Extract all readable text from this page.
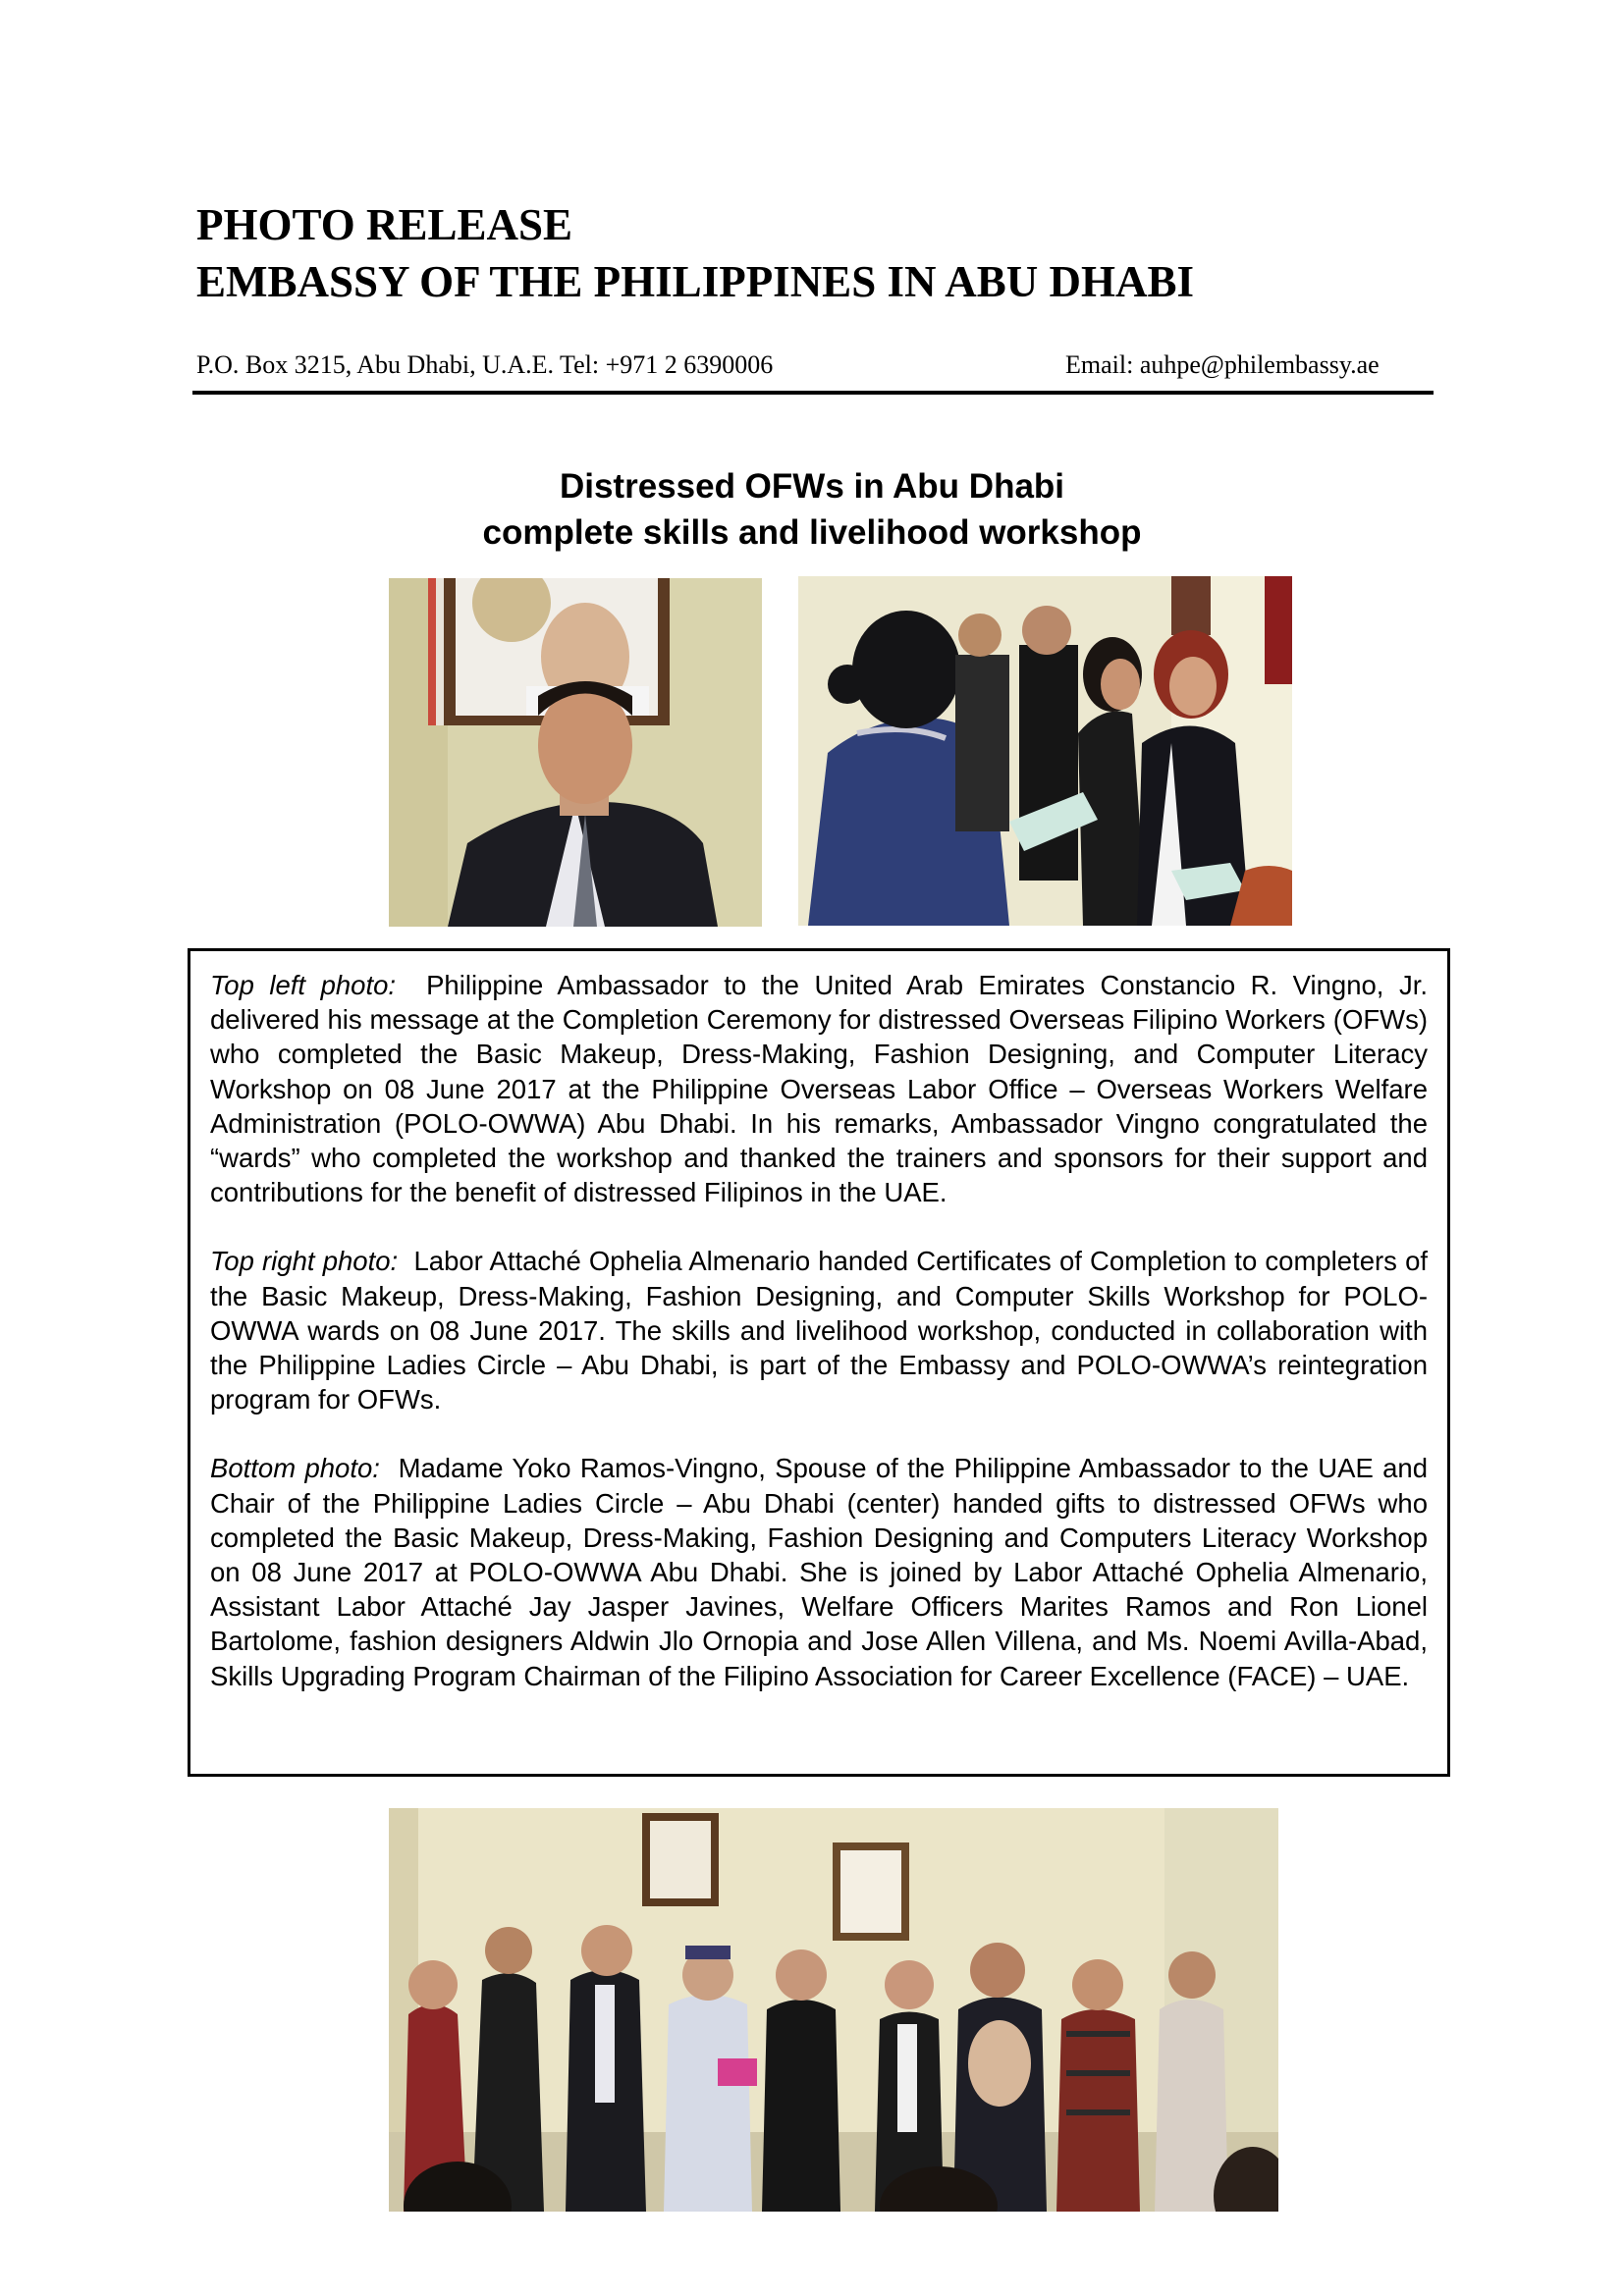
PHOTO RELEASE
EMBASSY OF THE PHILIPPINES IN ABU DHABI
P.O. Box 3215, Abu Dhabi, U.A.E. Tel: +971 2 6390006	Email: auhpe@philembassy.ae
Distressed OFWs in Abu Dhabi
complete skills and livelihood workshop

Top left photo: Philippine Ambassador to the United Arab Emirates Constancio R. Vingno, Jr. delivered his message at the Completion Ceremony for distressed Overseas Filipino Workers (OFWs) who completed the Basic Makeup, Dress-Making, Fashion Designing, and Computer Literacy Workshop on 08 June 2017 at the Philippine Overseas Labor Office – Overseas Workers Welfare Administration (POLO-OWWA) Abu Dhabi. In his remarks, Ambassador Vingno congratulated the “wards” who completed the workshop and thanked the trainers and sponsors for their support and contributions for the benefit of distressed Filipinos in the UAE.

Top right photo: Labor Attaché Ophelia Almenario handed Certificates of Completion to completers of the Basic Makeup, Dress-Making, Fashion Designing, and Computer Skills Workshop for POLO-OWWA wards on 08 June 2017. The skills and livelihood workshop, conducted in collaboration with the Philippine Ladies Circle – Abu Dhabi, is part of the Embassy and POLO-OWWA’s reintegration program for OFWs.

Bottom photo: Madame Yoko Ramos-Vingno, Spouse of the Philippine Ambassador to the UAE and Chair of the Philippine Ladies Circle – Abu Dhabi (center) handed gifts to distressed OFWs who completed the Basic Makeup, Dress-Making, Fashion Designing and Computers Literacy Workshop on 08 June 2017 at POLO-OWWA Abu Dhabi. She is joined by Labor Attaché Ophelia Almenario, Assistant Labor Attaché Jay Jasper Javines, Welfare Officers Marites Ramos and Ron Lionel Bartolome, fashion designers Aldwin Jlo Ornopia and Jose Allen Villena, and Ms. Noemi Avilla-Abad, Skills Upgrading Program Chairman of the Filipino Association for Career Excellence (FACE) – UAE.
